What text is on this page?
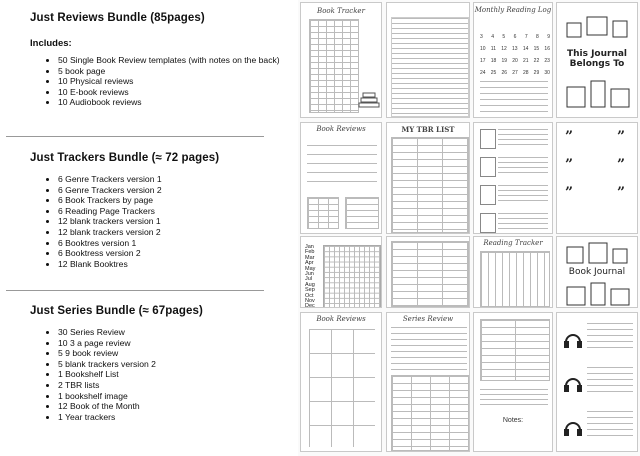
Just Reviews Bundle (85pages)
Includes:
• 50 Single Book Review templates (with notes on the back)
• 5 book page
• 10 Physical reviews
• 10 E-book reviews
• 10 Audiobook reviews
Just Trackers Bundle (≈ 72 pages)
• 6 Genre Trackers version 1
• 6 Genre Trackers version 2
• 6 Book Trackers by page
• 6 Reading Page Trackers
• 12 blank trackers version 1
• 12 blank trackers version 2
• 6 Booktres version 1
• 6 Booktress version 2
• 12 Blank Booktres
Just Series Bundle (≈ 67pages)
• 30 Series Review
• 10 3 a page review
• 5 9 book review
• 5 blank trackers version 2
• 1 Bookshelf List
• 2 TBR lists
• 1 bookshelf image
• 12 Book of the Month
• 1 Year trackers
Book Tracker	Monthly Reading Log
3 4 5 6 7 8 9
10 11 12 13 14 15 16
17 18 19 20 21 22 23
24 25 26 27 28 29 30
This Journal Belongs To
Book Reviews	MY TBR LIST	”	”
”	”
”	”
Jan
Feb
Mar
Apr
May
Jun
Jul
Aug
Sep
Oct
Nov
Dec
Reading Tracker
Book Journal
Book Reviews	Series Review
Notes:
